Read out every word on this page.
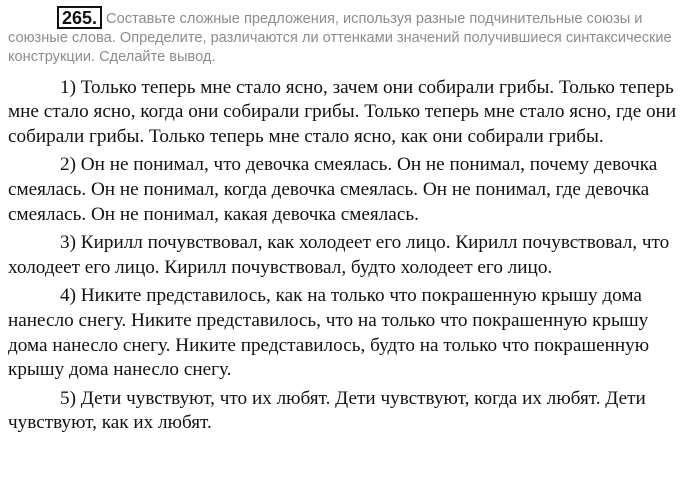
265. Составьте сложные предложения, используя разные подчинительные союзы и союзные слова. Определите, различаются ли оттенками значений получившиеся синтаксические конструкции. Сделайте вывод.

1) Только теперь мне стало ясно, зачем они собирали грибы. Только теперь мне стало ясно, когда они собирали грибы. Только теперь мне стало ясно, где они собирали грибы. Только теперь мне стало ясно, как они собирали грибы.

2) Он не понимал, что девочка смеялась. Он не понимал, почему девочка смеялась. Он не понимал, когда девочка смеялась. Он не понимал, где девочка смеялась. Он не понимал, какая девочка смеялась.

3) Кирилл почувствовал, как холодеет его лицо. Кирилл почувствовал, что холодеет его лицо. Кирилл почувствовал, будто холодеет его лицо.

4) Никите представилось, как на только что покрашенную крышу дома нанесло снегу. Никите представилось, что на только что покрашенную крышу дома нанесло снегу. Никите представилось, будто на только что покрашенную крышу дома нанесло снегу.

5) Дети чувствуют, что их любят. Дети чувствуют, когда их любят. Дети чувствуют, как их любят.
